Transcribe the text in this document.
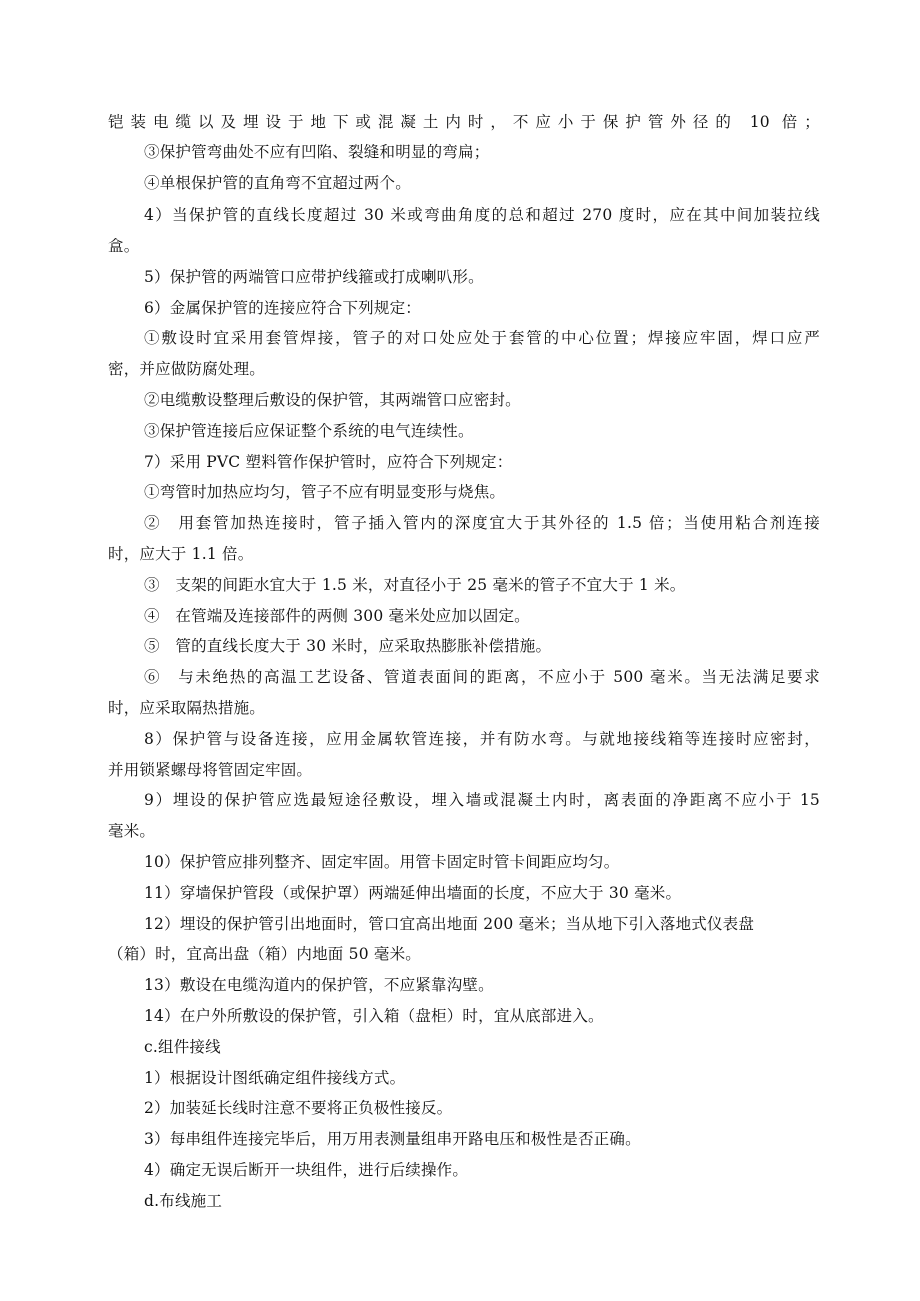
铠装电缆以及埋设于地下或混凝土内时，不应小于保护管外径的 10 倍；
③保护管弯曲处不应有凹陷、裂缝和明显的弯扁；
④单根保护管的直角弯不宜超过两个。
4）当保护管的直线长度超过 30 米或弯曲角度的总和超过 270 度时，应在其中间加装拉线
盒。
5）保护管的两端管口应带护线箍或打成喇叭形。
6）金属保护管的连接应符合下列规定：
①敷设时宜采用套管焊接，管子的对口处应处于套管的中心位置；焊接应牢固，焊口应严
密，并应做防腐处理。
②电缆敷设整理后敷设的保护管，其两端管口应密封。
③保护管连接后应保证整个系统的电气连续性。
7）采用 PVC 塑料管作保护管时，应符合下列规定：
①弯管时加热应均匀，管子不应有明显变形与烧焦。
②　用套管加热连接时，管子插入管内的深度宜大于其外径的 1.5 倍；当使用粘合剂连接
时，应大于 1.1 倍。
③　支架的间距水宜大于 1.5 米，对直径小于 25 毫米的管子不宜大于 1 米。
④　在管端及连接部件的两侧 300 毫米处应加以固定。
⑤　管的直线长度大于 30 米时，应采取热膨胀补偿措施。
⑥　与未绝热的高温工艺设备、管道表面间的距离，不应小于 500 毫米。当无法满足要求
时，应采取隔热措施。
8）保护管与设备连接，应用金属软管连接，并有防水弯。与就地接线箱等连接时应密封，
并用锁紧螺母将管固定牢固。
9）埋设的保护管应选最短途径敷设，埋入墙或混凝土内时，离表面的净距离不应小于 15
毫米。
10）保护管应排列整齐、固定牢固。用管卡固定时管卡间距应均匀。
11）穿墙保护管段（或保护罩）两端延伸出墙面的长度，不应大于 30 毫米。
12）埋设的保护管引出地面时，管口宜高出地面 200 毫米；当从地下引入落地式仪表盘
（箱）时，宜高出盘（箱）内地面 50 毫米。
13）敷设在电缆沟道内的保护管，不应紧靠沟壁。
14）在户外所敷设的保护管，引入箱（盘柜）时，宜从底部进入。
c.组件接线
1）根据设计图纸确定组件接线方式。
2）加装延长线时注意不要将正负极性接反。
3）每串组件连接完毕后，用万用表测量组串开路电压和极性是否正确。
4）确定无误后断开一块组件，进行后续操作。
d.布线施工
